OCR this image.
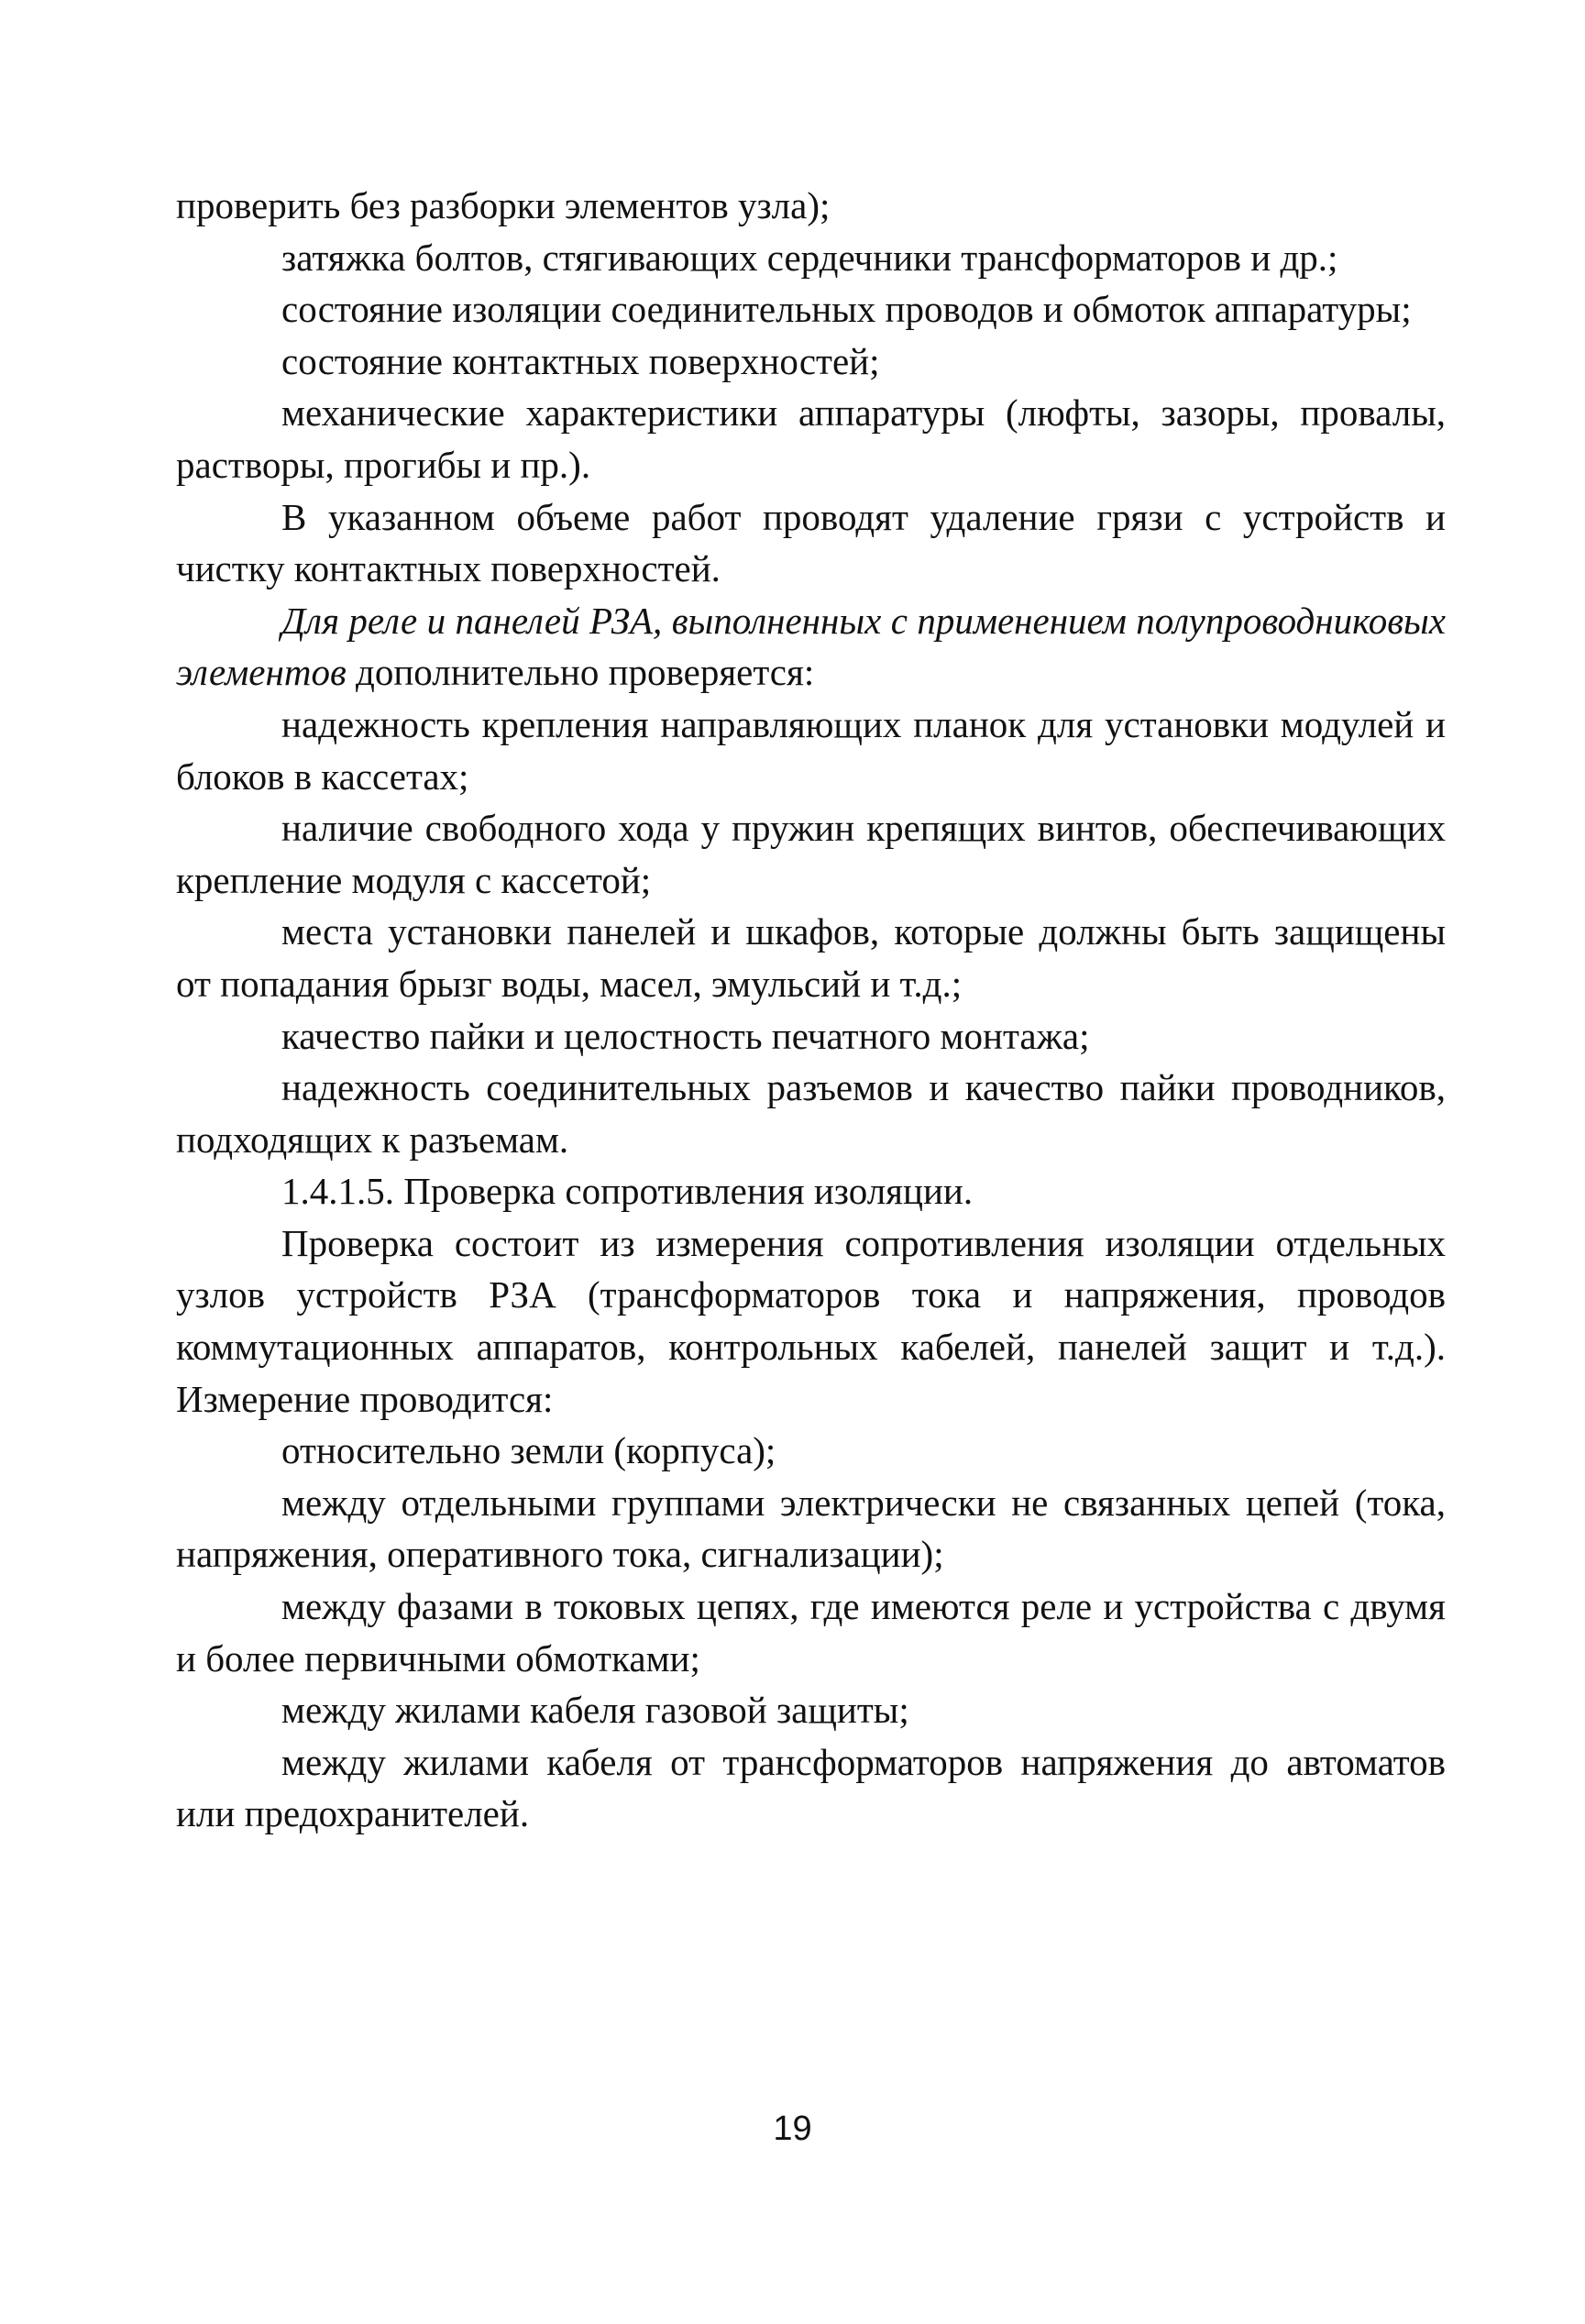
проверить без разборки элементов узла);

затяжка болтов, стягивающих сердечники трансформаторов и др.;

состояние изоляции соединительных проводов и обмоток аппаратуры;

состояние контактных поверхностей;

механические характеристики аппаратуры (люфты, зазоры, провалы, растворы, прогибы и пр.).

В указанном объеме работ проводят удаление грязи с устройств и чистку контактных поверхностей.

Для реле и панелей РЗА, выполненных с применением полупроводниковых элементов дополнительно проверяется:

надежность крепления направляющих планок для установки модулей и блоков в кассетах;

наличие свободного хода у пружин крепящих винтов, обеспечивающих крепление модуля с кассетой;

места установки панелей и шкафов, которые должны быть защищены от попадания брызг воды, масел, эмульсий и т.д.;

качество пайки и целостность печатного монтажа;

надежность соединительных разъемов и качество пайки проводников, подходящих к разъемам.

1.4.1.5. Проверка сопротивления изоляции.

Проверка состоит из измерения сопротивления изоляции отдельных узлов устройств РЗА (трансформаторов тока и напряжения, проводов коммутационных аппаратов, контрольных кабелей, панелей защит и т.д.). Измерение проводится:

относительно земли (корпуса);

между отдельными группами электрически не связанных цепей (тока, напряжения, оперативного тока, сигнализации);

между фазами в токовых цепях, где имеются реле и устройства с двумя и более первичными обмотками;

между жилами кабеля газовой защиты;

между жилами кабеля от трансформаторов напряжения до автоматов или предохранителей.

19
